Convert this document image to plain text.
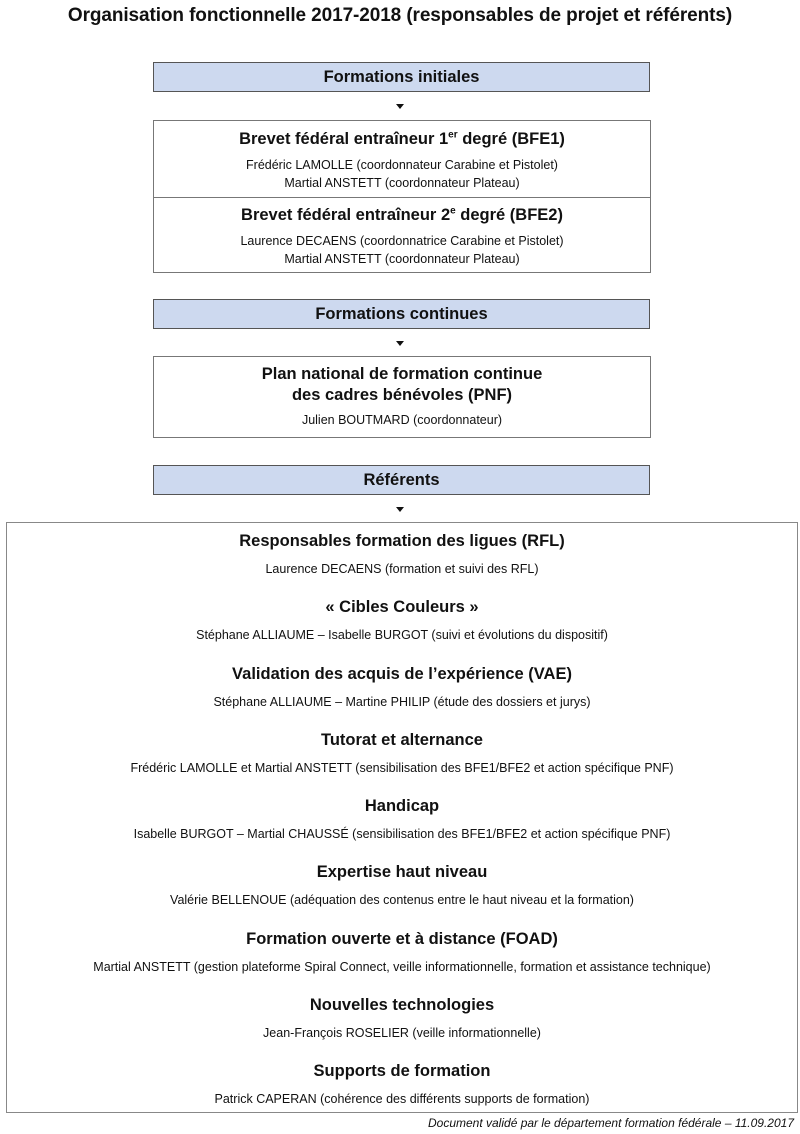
Organisation fonctionnelle 2017-2018 (responsables de projet et référents)
Formations initiales
Brevet fédéral entraîneur 1er degré (BFE1)
Frédéric LAMOLLE (coordonnateur Carabine et Pistolet)
Martial ANSTETT (coordonnateur Plateau)
Brevet fédéral entraîneur 2e degré (BFE2)
Laurence DECAENS (coordonnatrice Carabine et Pistolet)
Martial ANSTETT (coordonnateur Plateau)
Formations continues
Plan national de formation continue
des cadres bénévoles (PNF)
Julien BOUTMARD (coordonnateur)
Référents
Responsables formation des ligues (RFL)
Laurence DECAENS (formation et suivi des RFL)
« Cibles Couleurs »
Stéphane ALLIAUME – Isabelle BURGOT (suivi et évolutions du dispositif)
Validation des acquis de l’expérience (VAE)
Stéphane ALLIAUME – Martine PHILIP (étude des dossiers et jurys)
Tutorat et alternance
Frédéric LAMOLLE et Martial ANSTETT (sensibilisation des BFE1/BFE2 et action spécifique PNF)
Handicap
Isabelle BURGOT – Martial CHAUSSÉ (sensibilisation des BFE1/BFE2 et action spécifique PNF)
Expertise haut niveau
Valérie BELLENOUE (adéquation des contenus entre le haut niveau et la formation)
Formation ouverte et à distance (FOAD)
Martial ANSTETT (gestion plateforme Spiral Connect, veille informationnelle, formation et assistance technique)
Nouvelles technologies
Jean-François ROSELIER (veille informationnelle)
Supports de formation
Patrick CAPERAN (cohérence des différents supports de formation)
Document validé par le département formation fédérale – 11.09.2017
